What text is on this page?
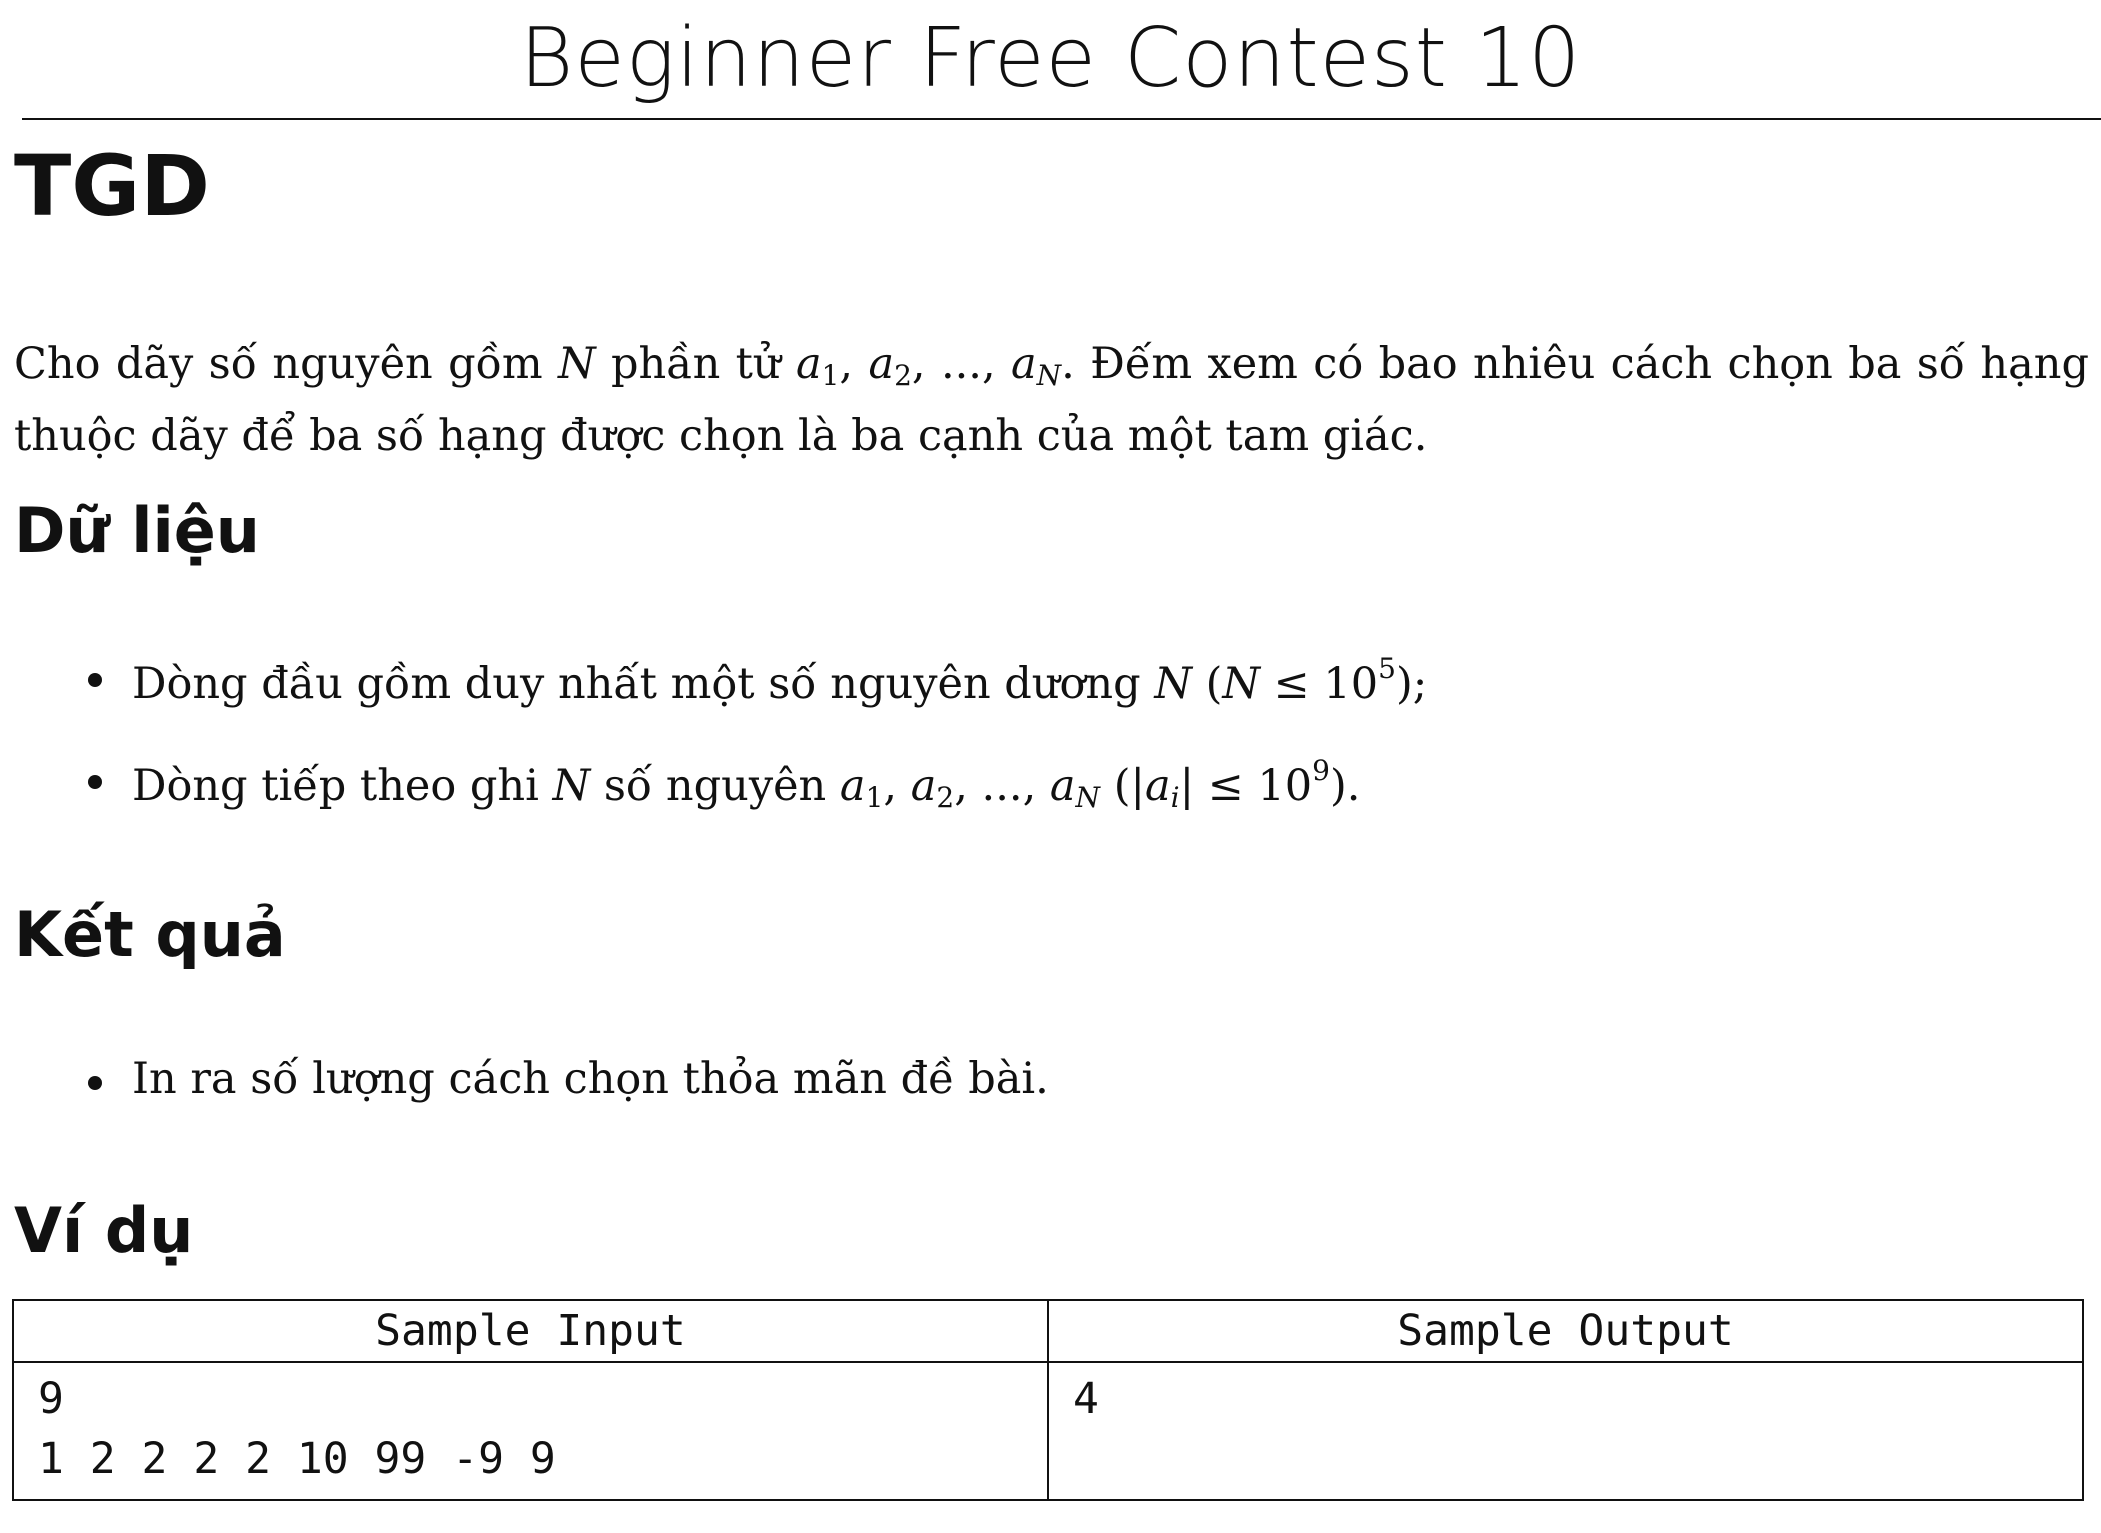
Beginner Free Contest 10
TGD
Cho dãy số nguyên gồm N phần tử $a_1$, $a_2$, ..., $a_N$. Đếm xem có bao nhiêu cách chọn ba số hạng
thuộc dãy để ba số hạng được chọn là ba cạnh của một tam giác.
Dữ liệu
Dòng đầu gồm duy nhất một số nguyên dương N $(N \le 10^5)$;
Dòng tiếp theo ghi N số nguyên $a_1$, $a_2$, ..., $a_N$ $(|a_i| \le 10^9)$.
Kết quả
In ra số lượng cách chọn thỏa mãn đề bài.
Ví dụ
Sample Input	Sample Output

9
1 2 2 2 2 10 99 -9 9	4
